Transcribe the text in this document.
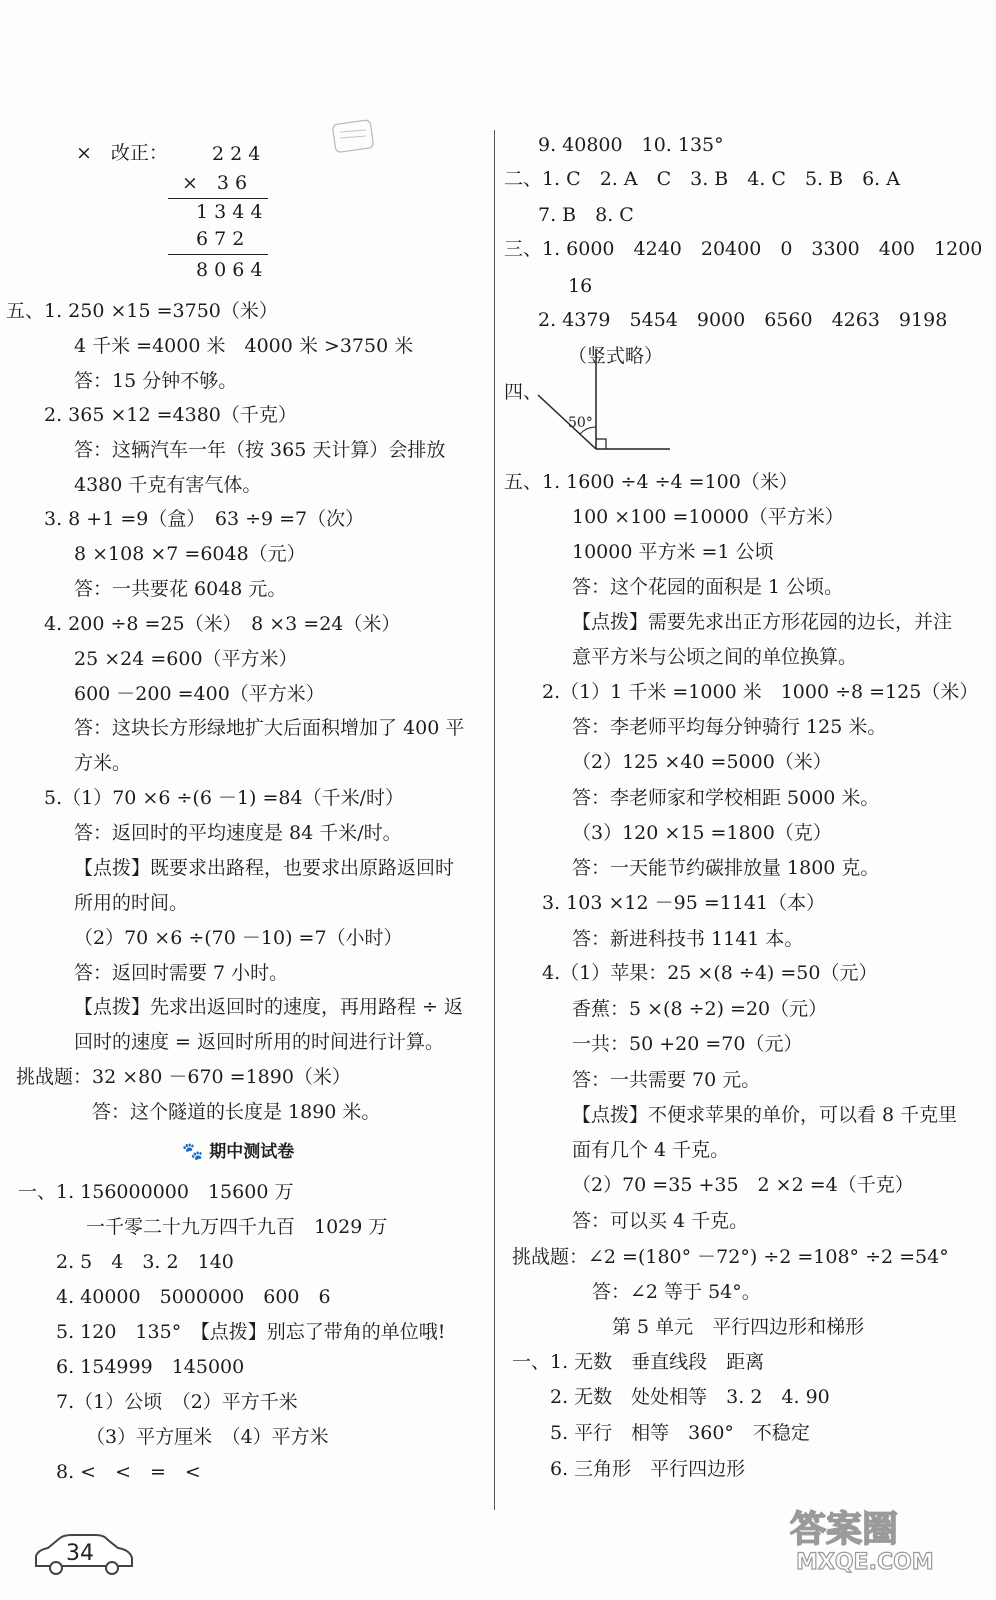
×　改正： 2 2 4
×　3 6
1 3 4 4
6 7 2
8 0 6 4
五、1. 250 ×15 =3750（米）
4 千米 =4000 米　4000 米 >3750 米
答：15 分钟不够。
2. 365 ×12 =4380（千克）
答：这辆汽车一年（按 365 天计算）会排放
4380 千克有害气体。
3. 8 +1 =9（盒）　63 ÷9 =7（次）
8 ×108 ×7 =6048（元）
答：一共要花 6048 元。
4. 200 ÷8 =25（米）　8 ×3 =24（米）
25 ×24 =600（平方米）
600 －200 =400（平方米）
答：这块长方形绿地扩大后面积增加了 400 平
方米。
5.（1）70 ×6 ÷(6 －1) =84（千米/时）
答：返回时的平均速度是 84 千米/时。
【点拨】既要求出路程，也要求出原路返回时
所用的时间。
（2）70 ×6 ÷(70 －10) =7（小时）
答：返回时需要 7 小时。
【点拨】先求出返回时的速度，再用路程 ÷ 返
回时的速度 = 返回时所用的时间进行计算。
挑战题：32 ×80 －670 =1890（米）
答：这个隧道的长度是 1890 米。
🐾 期中测试卷
一、1. 156000000　15600 万
一千零二十九万四千九百　1029 万
2. 5　4　3. 2　140
4. 40000　5000000　600　6
5. 120　135°　【点拨】别忘了带角的单位哦!
6. 154999　145000
7.（1）公顷　（2）平方千米
（3）平方厘米　（4）平方米
8. <　<　=　<
34
9. 40800　10. 135°
二、1. C　2. A　C　3. B　4. C　5. B　6. A
7. B　8. C
三、1. 6000　4240　20400　0　3300　400　1200
16
2. 4379　5454　9000　6560　4263　9198
（竖式略）
四、
50°
五、1. 1600 ÷4 ÷4 =100（米）
100 ×100 =10000（平方米）
10000 平方米 =1 公顷
答：这个花园的面积是 1 公顷。
【点拨】需要先求出正方形花园的边长，并注
意平方米与公顷之间的单位换算。
2.（1）1 千米 =1000 米　1000 ÷8 =125（米）
答：李老师平均每分钟骑行 125 米。
（2）125 ×40 =5000（米）
答：李老师家和学校相距 5000 米。
（3）120 ×15 =1800（克）
答：一天能节约碳排放量 1800 克。
3. 103 ×12 －95 =1141（本）
答：新进科技书 1141 本。
4.（1）苹果：25 ×(8 ÷4) =50（元）
香蕉：5 ×(8 ÷2) =20（元）
一共：50 +20 =70（元）
答：一共需要 70 元。
【点拨】不便求苹果的单价，可以看 8 千克里
面有几个 4 千克。
（2）70 =35 +35　2 ×2 =4（千克）
答：可以买 4 千克。
挑战题：∠2 =(180° －72°) ÷2 =108° ÷2 =54°
答：∠2 等于 54°。
第 5 单元　平行四边形和梯形
一、1. 无数　垂直线段　距离
2. 无数　处处相等　3. 2　4. 90
5. 平行　相等　360°　不稳定
6. 三角形　平行四边形
答案圈
MXQE.COM
